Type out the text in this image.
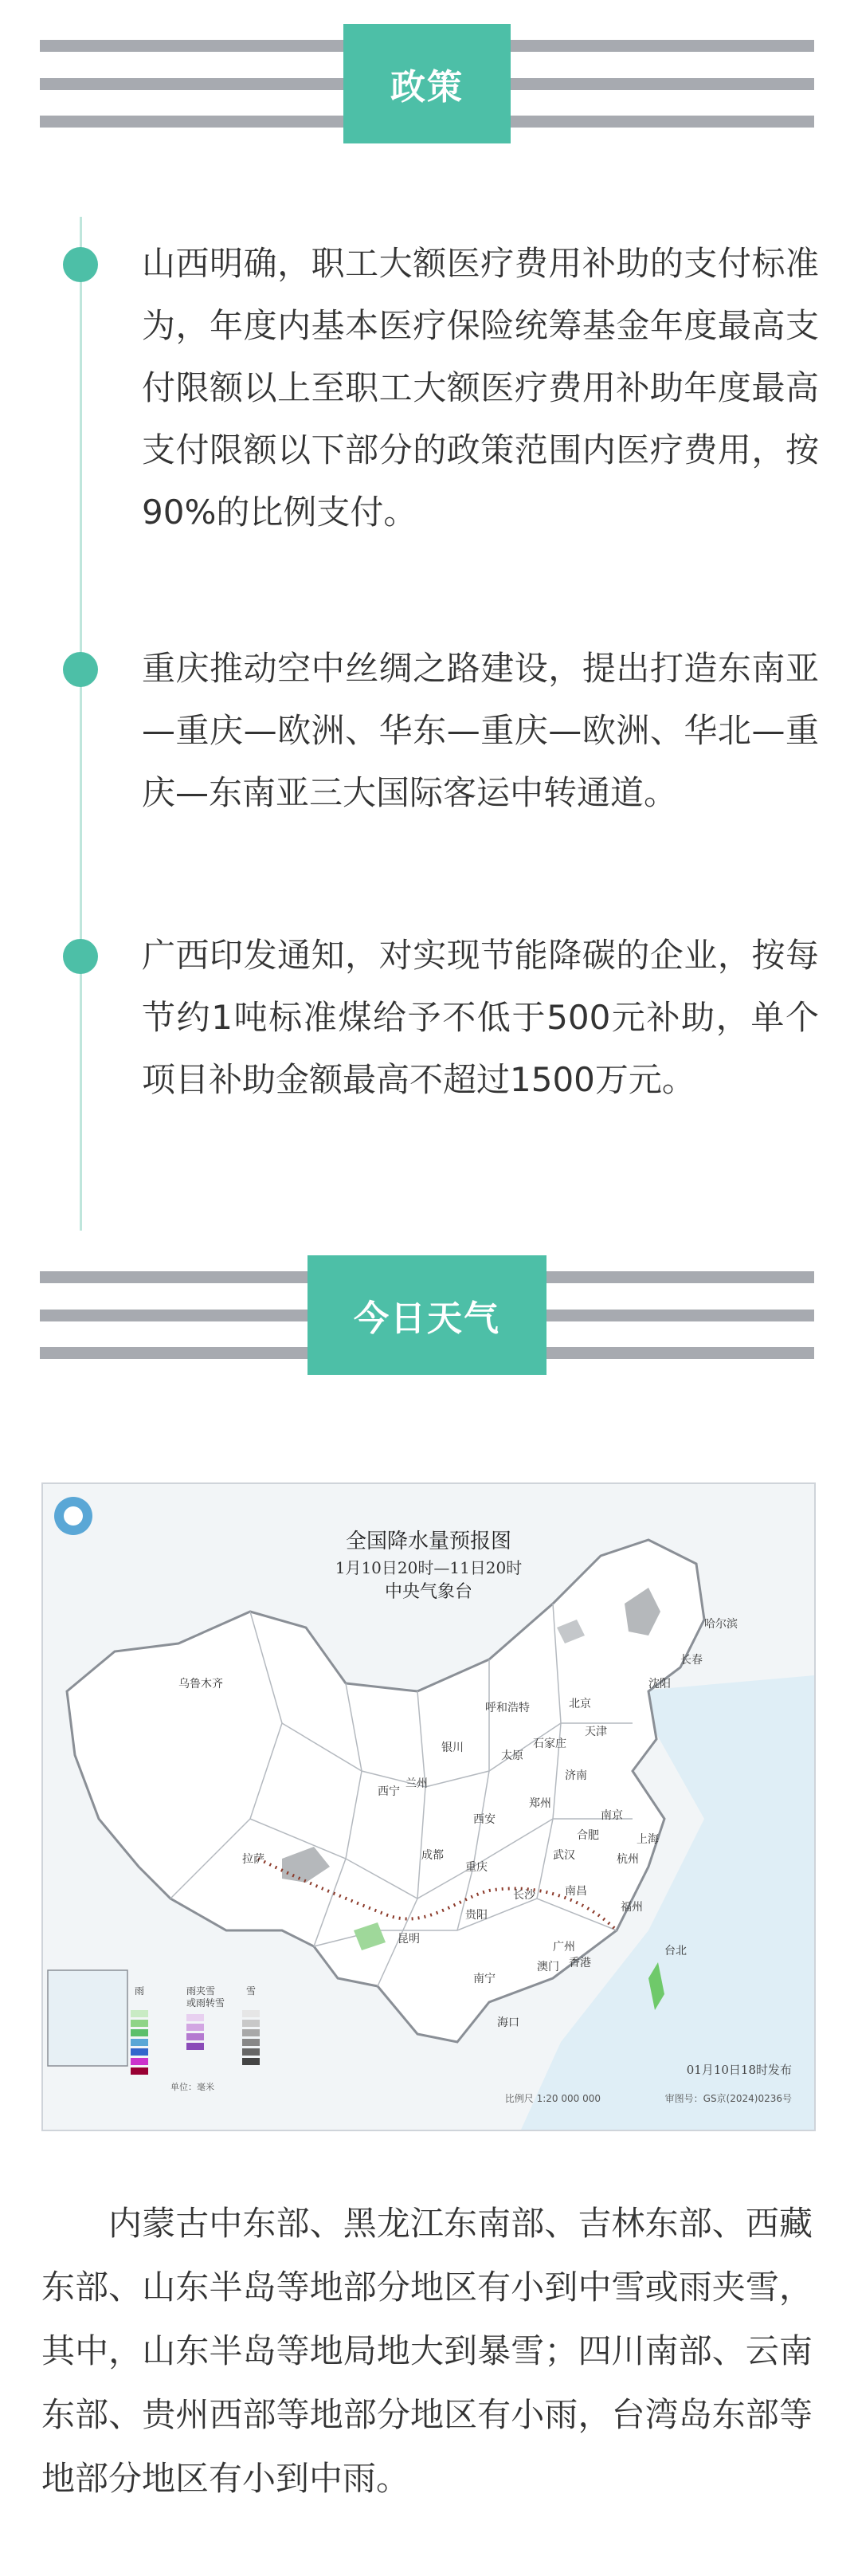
政策
山西明确，职工大额医疗费用补助的支付标准为，年度内基本医疗保险统筹基金年度最高支付限额以上至职工大额医疗费用补助年度最高支付限额以下部分的政策范围内医疗费用，按90%的比例支付。
重庆推动空中丝绸之路建设，提出打造东南亚—重庆—欧洲、华东—重庆—欧洲、华北—重庆—东南亚三大国际客运中转通道。
广西印发通知，对实现节能降碳的企业，按每节约1吨标准煤给予不低于500元补助，单个项目补助金额最高不超过1500万元。
今日天气
全国降水量预报图
1月10日20时—11日20时
中央气象台
乌鲁木齐
哈尔滨
长春
沈阳
北京
天津
呼和浩特
石家庄
太原
济南
银川
西宁
兰州
西安
郑州
合肥
南京
上海
杭州
武汉
成都
重庆
长沙	南昌
贵阳
福州
台北
拉萨
昆明
南宁
广州
香港
澳门
海口
雨	雨夹雪
或雨转雪
雪
单位：毫米
01月10日18时发布
比例尺 1:20 000 000	审图号：GS京(2024)0236号
内蒙古中东部、黑龙江东南部、吉林东部、西藏东部、山东半岛等地部分地区有小到中雪或雨夹雪，其中，山东半岛等地局地大到暴雪；四川南部、云南东部、贵州西部等地部分地区有小雨，台湾岛东部等地部分地区有小到中雨。
